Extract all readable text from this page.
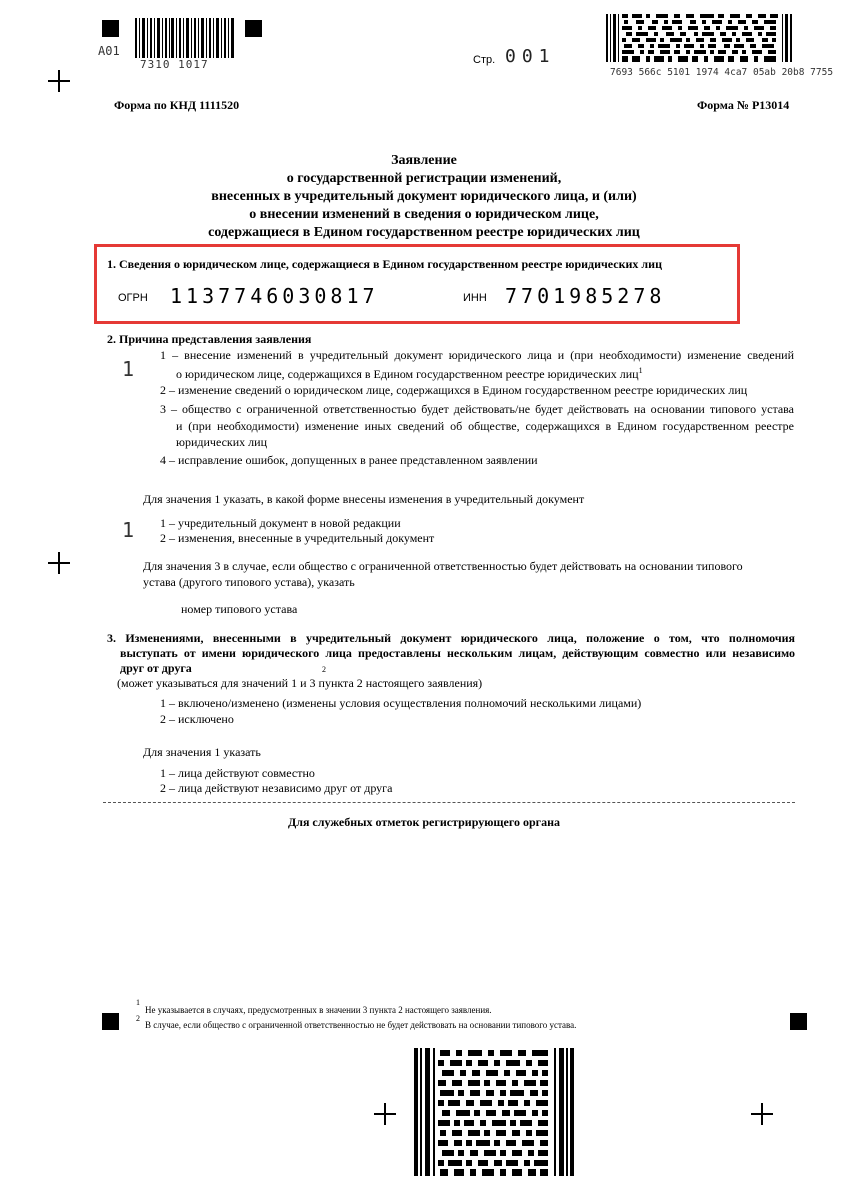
A01
7310 1017	Стр. 001
7693 566c 5101 1974 4ca7 05ab 20b8 7755
Форма по КНД 1111520	Форма № Р13014
Заявление
о государственной регистрации изменений,
внесенных в учредительный документ юридического лица, и (или)
о внесении изменений в сведения о юридическом лице,
содержащиеся в Едином государственном реестре юридических лиц
1. Сведения о юридическом лице, содержащиеся в Едином государственном реестре юридических лиц
ОГРН 1137746030817	ИНН 7701985278
2. Причина представления заявления
1
1 – внесение изменений в учредительный документ юридического лица и (при необходимости) изменение сведений
о юридическом лице, содержащихся в Едином государственном реестре юридических лиц$^1$
2 – изменение сведений о юридическом лице, содержащихся в Едином государственном реестре юридических лиц
3 – общество с ограниченной ответственностью будет действовать/не будет действовать на основании типового устава
и (при необходимости) изменение иных сведений об обществе, содержащихся в Едином государственном реестре
юридических лиц
4 – исправление ошибок, допущенных в ранее представленном заявлении
Для значения 1 указать, в какой форме внесены изменения в учредительный документ
1 1 – учредительный документ в новой редакции
2 – изменения, внесенные в учредительный документ
Для значения 3 в случае, если общество с ограниченной ответственностью будет действовать на основании типового
устава (другого типового устава), указать
номер типового устава
3. Изменениями, внесенными в учредительный документ юридического лица, положение о том, что полномочия
выступать от имени юридического лица предоставлены нескольким лицам, действующим совместно или независимо
друг от друга	2
(может указываться для значений 1 и 3 пункта 2 настоящего заявления)
1 – включено/изменено (изменены условия осуществления полномочий несколькими лицами)
2 – исключено
Для значения 1 указать
1 – лица действуют совместно
2 – лица действуют независимо друг от друга
Для служебных отметок регистрирующего органа
1
Не указывается в случаях, предусмотренных в значении 3 пункта 2 настоящего заявления.
2
В случае, если общество с ограниченной ответственностью не будет действовать на основании типового устава.
